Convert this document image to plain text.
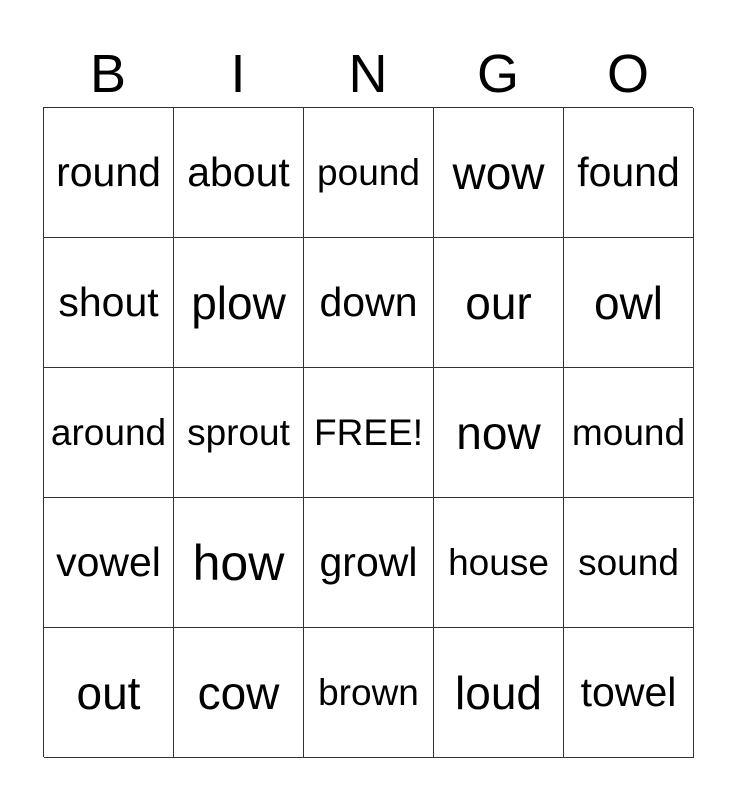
B	I	N	G	O
round about pound wow found
shout plow down	our	owl
around sprout FREE! now mound
vowel how growl house sound
out	cow	brown loud towel
